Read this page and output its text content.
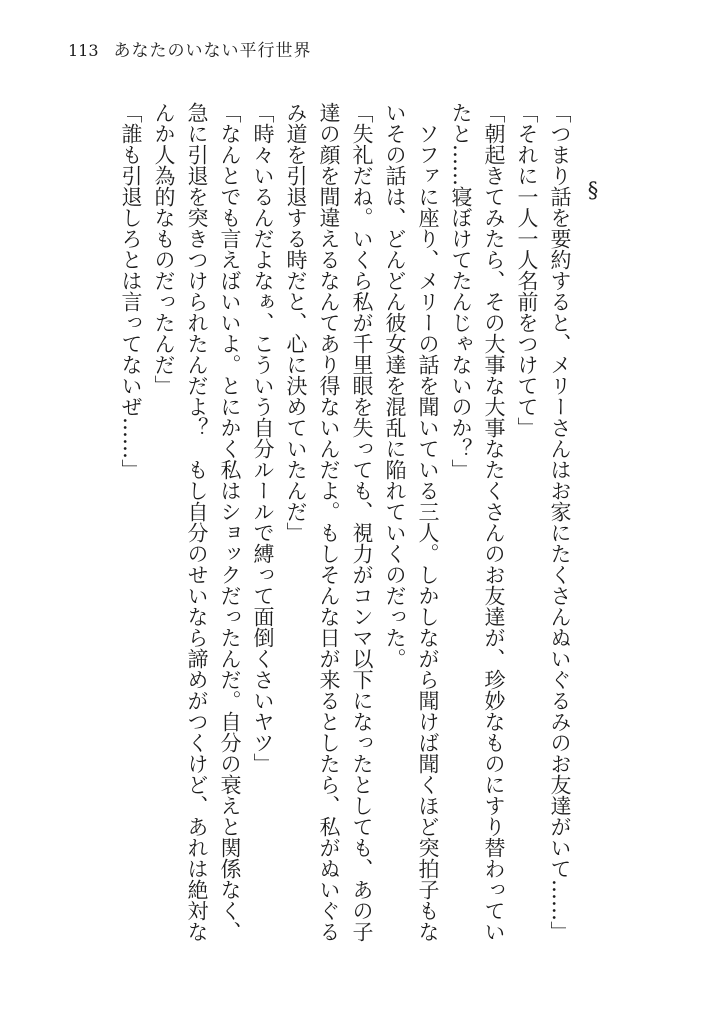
113 あなたのいない平行世界

§

「つまり話を要約すると、メリーさんはお家にたくさんぬいぐるみのお友達がいて……」

「それに一人一人名前をつけてて」

「朝起きてみたら、その大事な大事なたくさんのお友達が、珍妙なものにすり替わってい

たと……寝ぼけてたんじゃないのか？」

ソファに座り、メリーの話を聞いている三人。しかしながら聞けば聞くほど突拍子もな

いその話は、どんどん彼女達を混乱に陥れていくのだった。

「失礼だね。いくら私が千里眼を失っても、視力がコンマ以下になったとしても、あの子

達の顔を間違えるなんてあり得ないんだよ。もしそんな日が来るとしたら、私がぬいぐる

み道を引退する時だと、心に決めていたんだ」

「時々いるんだよなぁ、こういう自分ルールで縛って面倒くさいヤツ」

「なんとでも言えばいいよ。とにかく私はショックだったんだ。自分の衰えと関係なく、

急に引退を突きつけられたんだよ？　もし自分のせいなら諦めがつくけど、あれは絶対な

んか人為的なものだったんだ」

「誰も引退しろとは言ってないぜ……」
